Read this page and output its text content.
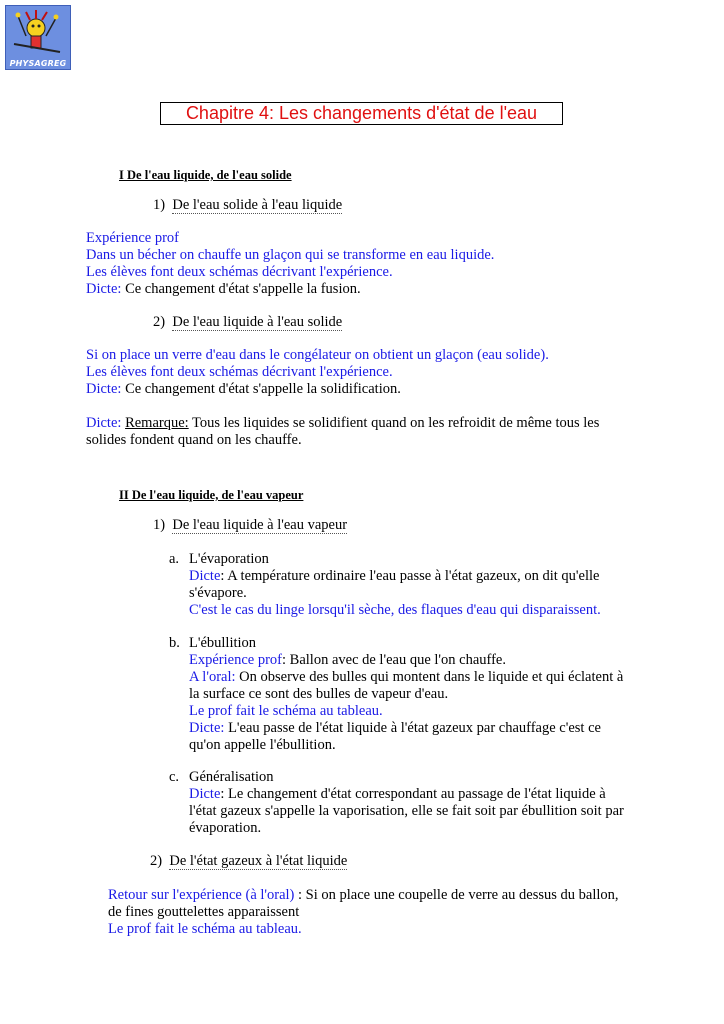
PHYSAGREG
Chapitre 4: Les changements d'état de l'eau
I De l'eau liquide, de l'eau solide
1) De l'eau solide à l'eau liquide
Expérience prof
Dans un bécher on chauffe un glaçon qui se transforme en eau liquide.
Les élèves font deux schémas décrivant l'expérience.
Dicte: Ce changement d'état s'appelle la fusion.
2) De l'eau liquide à l'eau solide
Si on place un verre d'eau dans le congélateur on obtient un glaçon (eau solide).
Les élèves font deux schémas décrivant l'expérience.
Dicte: Ce changement d'état s'appelle la solidification.
Dicte: Remarque: Tous les liquides se solidifient quand on les refroidit de même tous les
solides fondent quand on les chauffe.
II De l'eau liquide, de l'eau vapeur
1) De l'eau liquide à l'eau vapeur
a. L'évaporation
Dicte: A température ordinaire l'eau passe à l'état gazeux, on dit qu'elle
s'évapore.
C'est le cas du linge lorsqu'il sèche, des flaques d'eau qui disparaissent.
b. L'ébullition
Expérience prof: Ballon avec de l'eau que l'on chauffe.
A l'oral: On observe des bulles qui montent dans le liquide et qui éclatent à
la surface ce sont des bulles de vapeur d'eau.
Le prof fait le schéma au tableau.
Dicte: L'eau passe de l'état liquide à l'état gazeux par chauffage c'est ce
qu'on appelle l'ébullition.
c. Généralisation
Dicte: Le changement d'état correspondant au passage de l'état liquide à
l'état gazeux s'appelle la vaporisation, elle se fait soit par ébullition soit par
évaporation.
2) De l'état gazeux à l'état liquide
Retour sur l'expérience (à l'oral) : Si on place une coupelle de verre au dessus du ballon,
de fines gouttelettes apparaissent
Le prof fait le schéma au tableau.
